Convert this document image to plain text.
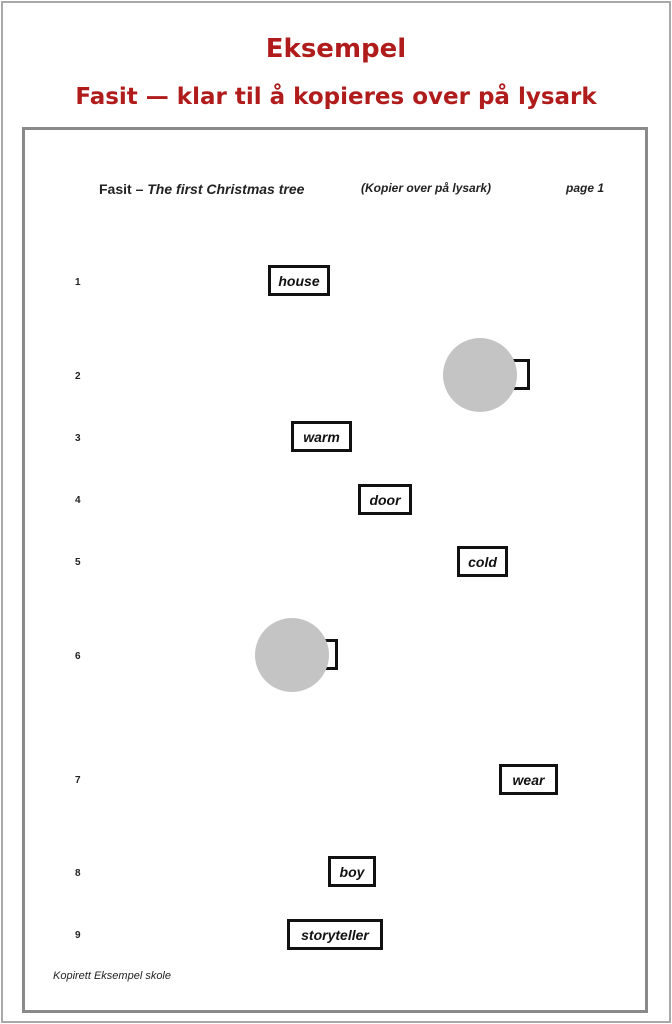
Eksempel
Fasit — klar til å kopieres over på lysark
Fasit – The first Christmas tree	(Kopier over på lysark)	page 1
1	house
2
3	warm
4	door
5	cold
6
7	wear
8	boy
9	storyteller
Kopirett Eksempel skole
